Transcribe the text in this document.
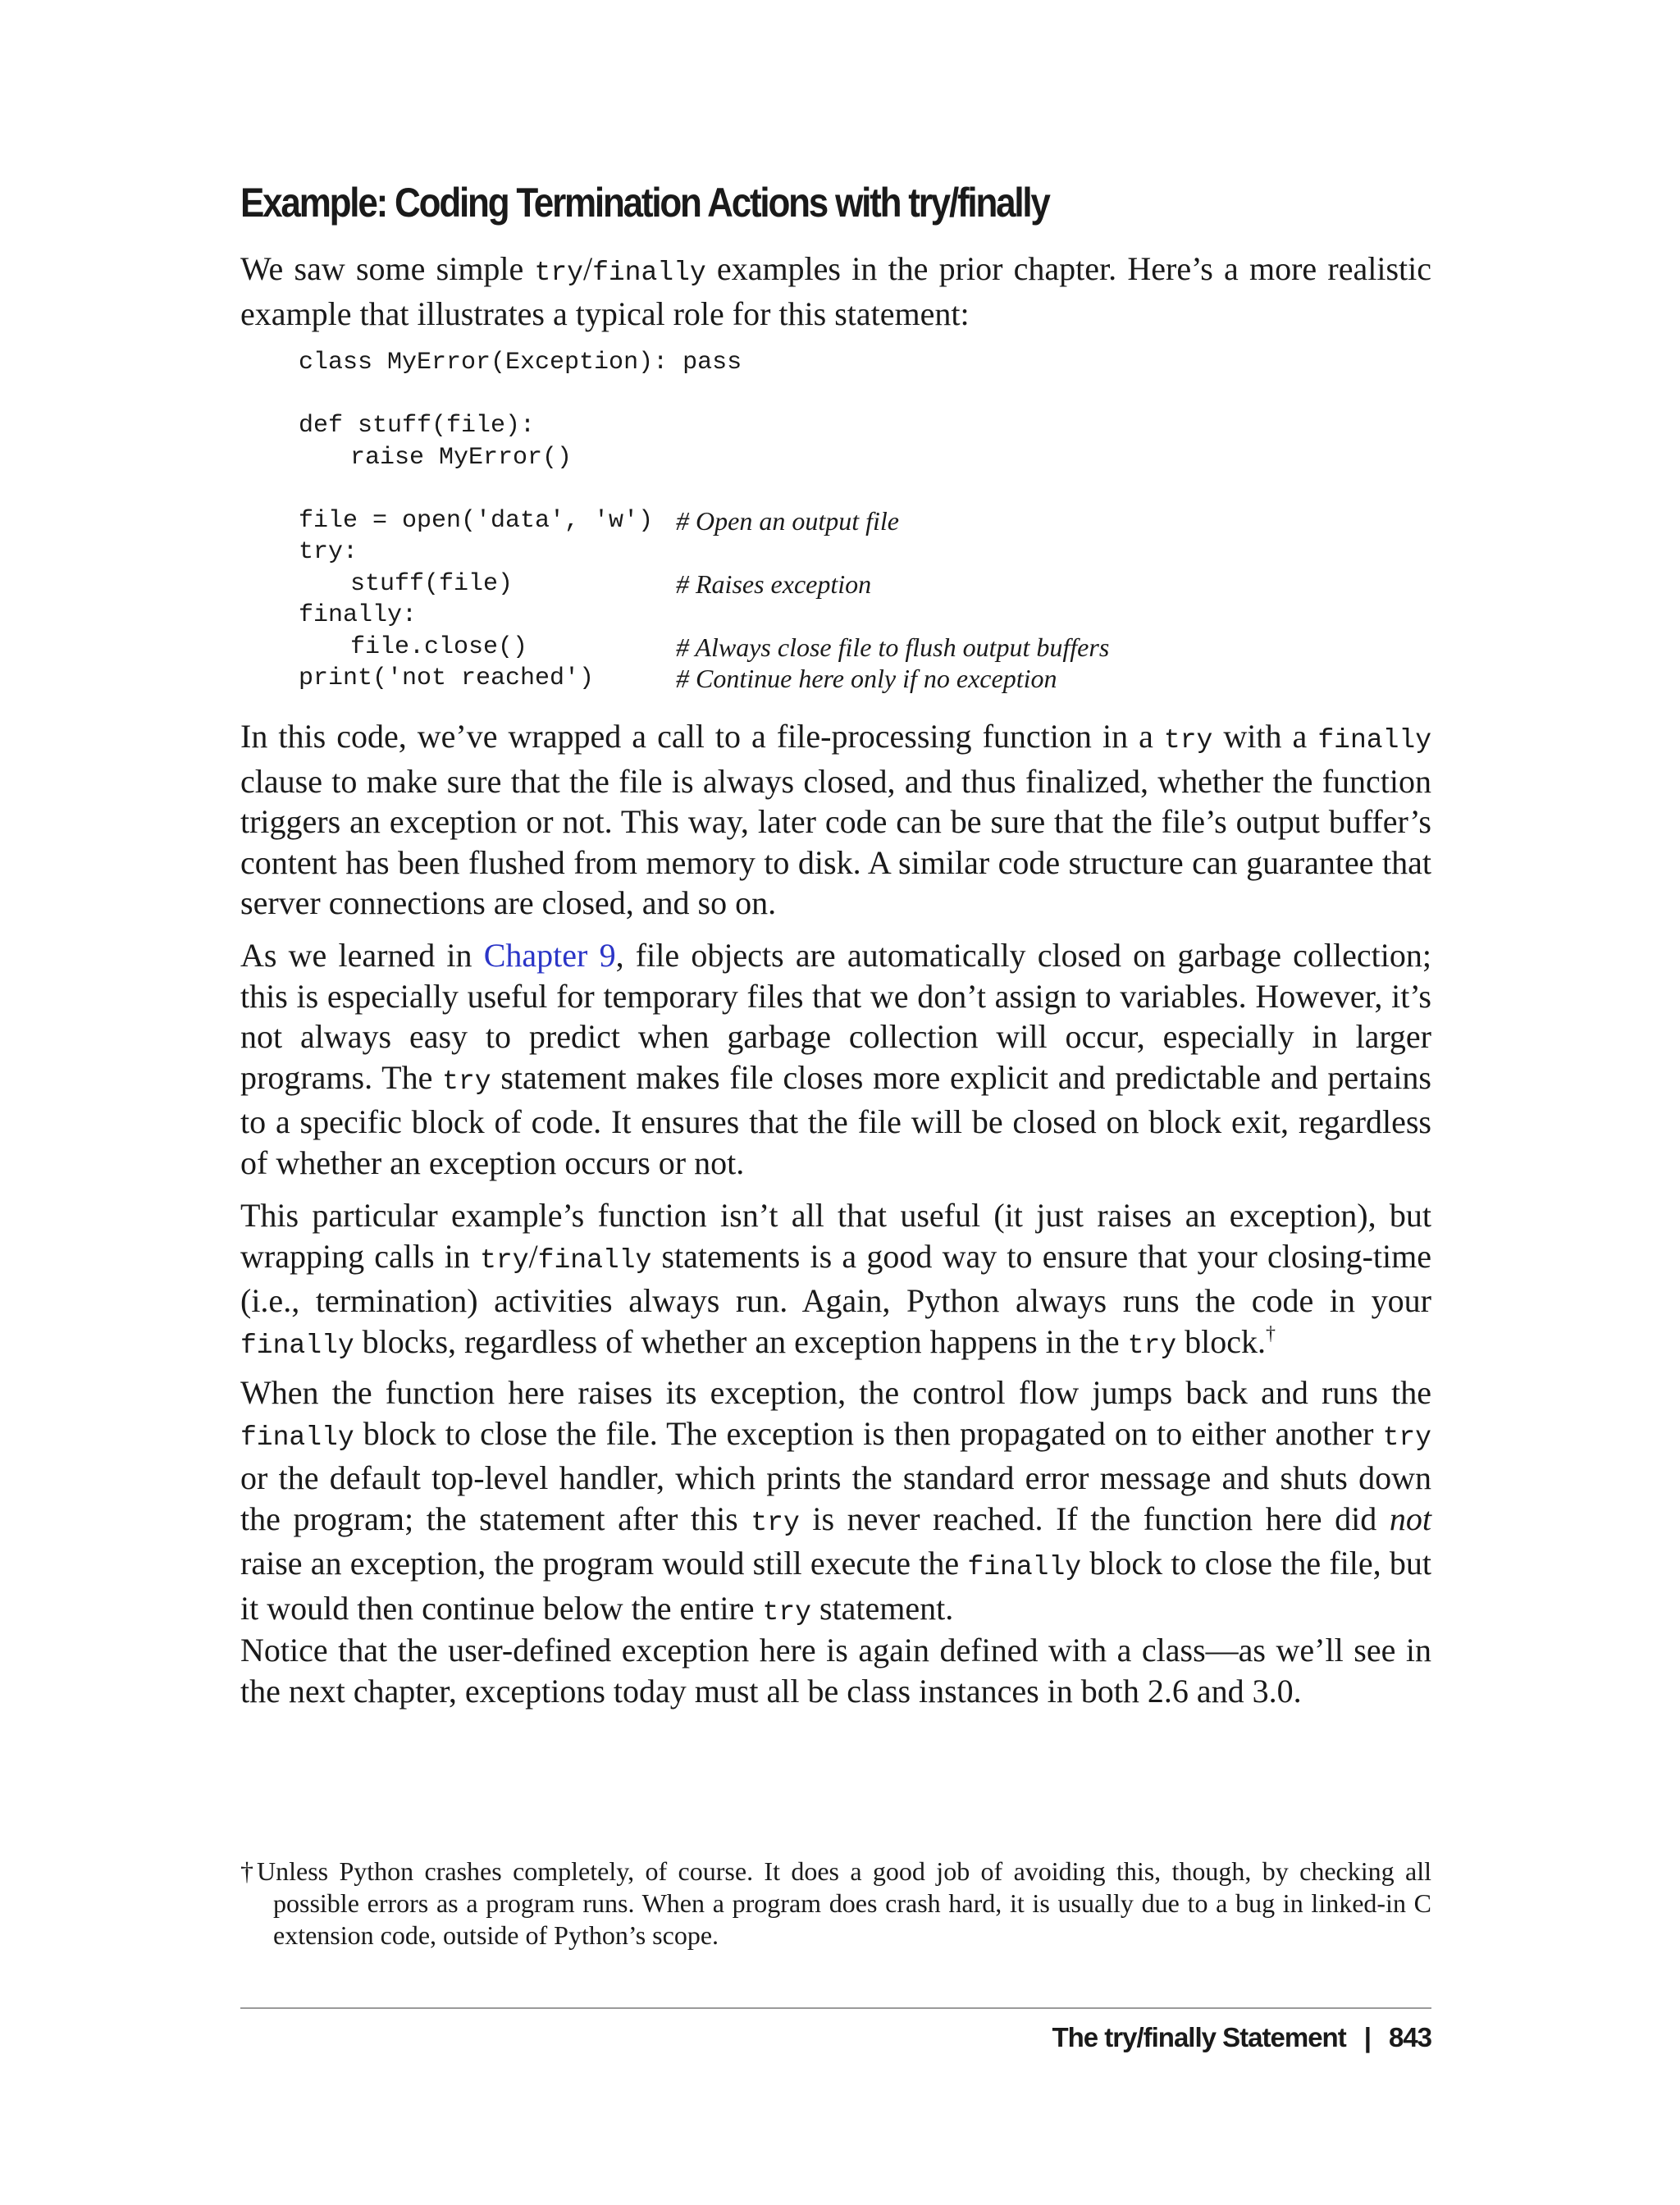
Example: Coding Termination Actions with try/finally

We saw some simple try/finally examples in the prior chapter. Here’s a more realistic example that illustrates a typical role for this statement:

class MyError(Exception): pass
def stuff(file):
raise MyError()
file = open('data', 'w') # Open an output file
try:
stuff(file)	# Raises exception
finally:
file.close()	# Always close file to flush output buffers
print('not reached')	# Continue here only if no exception

In this code, we’ve wrapped a call to a file-processing function in a try with a finally clause to make sure that the file is always closed, and thus finalized, whether the function triggers an exception or not. This way, later code can be sure that the file’s output buffer’s content has been flushed from memory to disk. A similar code structure can guarantee that server connections are closed, and so on.

As we learned in Chapter 9, file objects are automatically closed on garbage collection; this is especially useful for temporary files that we don’t assign to variables. However, it’s not always easy to predict when garbage collection will occur, especially in larger programs. The try statement makes file closes more explicit and predictable and pertains to a specific block of code. It ensures that the file will be closed on block exit, regardless of whether an exception occurs or not.

This particular example’s function isn’t all that useful (it just raises an exception), but wrapping calls in try/finally statements is a good way to ensure that your closing-time (i.e., termination) activities always run. Again, Python always runs the code in your finally blocks, regardless of whether an exception happens in the try block.†

When the function here raises its exception, the control flow jumps back and runs the finally block to close the file. The exception is then propagated on to either another try or the default top-level handler, which prints the standard error message and shuts down the program; the statement after this try is never reached. If the function here did not raise an exception, the program would still execute the finally block to close the file, but it would then continue below the entire try statement.

Notice that the user-defined exception here is again defined with a class—as we’ll see in the next chapter, exceptions today must all be class instances in both 2.6 and 3.0.

† Unless Python crashes completely, of course. It does a good job of avoiding this, though, by checking all possible errors as a program runs. When a program does crash hard, it is usually due to a bug in linked-in C extension code, outside of Python’s scope.
The try/finally Statement | 843
